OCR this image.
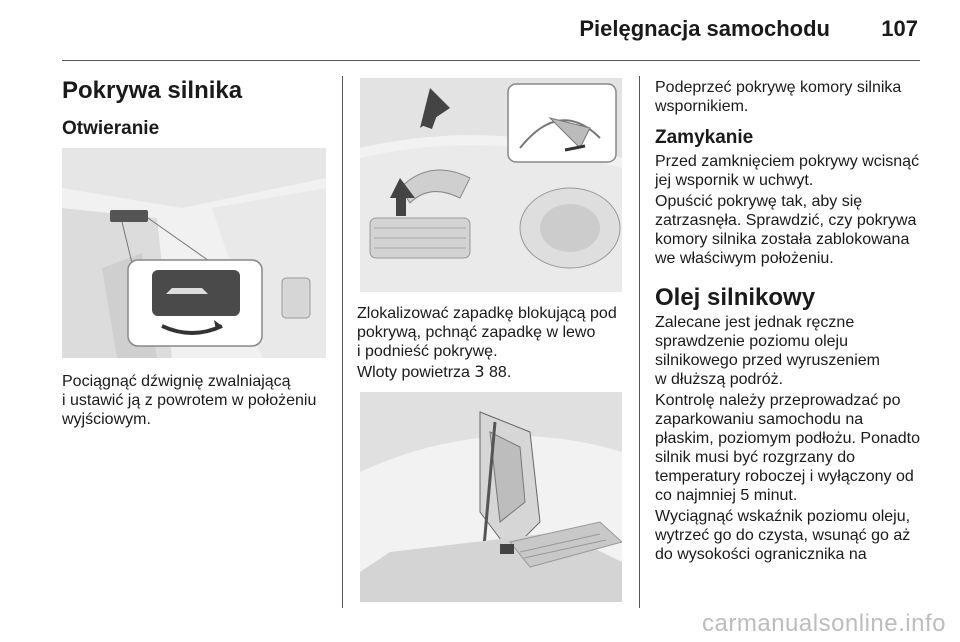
Pielęgnacja samochodu 107
Pokrywa silnika
Otwieranie

Pociągnąć dźwignię zwalniającą
i ustawić ją z powrotem w położeniu
wyjściowym.

Zlokalizować zapadkę blokującą pod
pokrywą, pchnąć zapadkę w lewo
i podnieść pokrywę.

Wloty powietrza 3 88.

Podeprzeć pokrywę komory silnika
wspornikiem.

Zamykanie

Przed zamknięciem pokrywy wcisnąć
jej wspornik w uchwyt.

Opuścić pokrywę tak, aby się
zatrzasnęła. Sprawdzić, czy pokrywa
komory silnika została zablokowana
we właściwym położeniu.

Olej silnikowy

Zalecane jest jednak ręczne
sprawdzenie poziomu oleju
silnikowego przed wyruszeniem
w dłuższą podróż.

Kontrolę należy przeprowadzać po
zaparkowaniu samochodu na
płaskim, poziomym podłożu. Ponadto
silnik musi być rozgrzany do
temperatury roboczej i wyłączony od
co najmniej 5 minut.

Wyciągnąć wskaźnik poziomu oleju,
wytrzeć go do czysta, wsunąć go aż
do wysokości ogranicznika na

carmanualsonline.info
